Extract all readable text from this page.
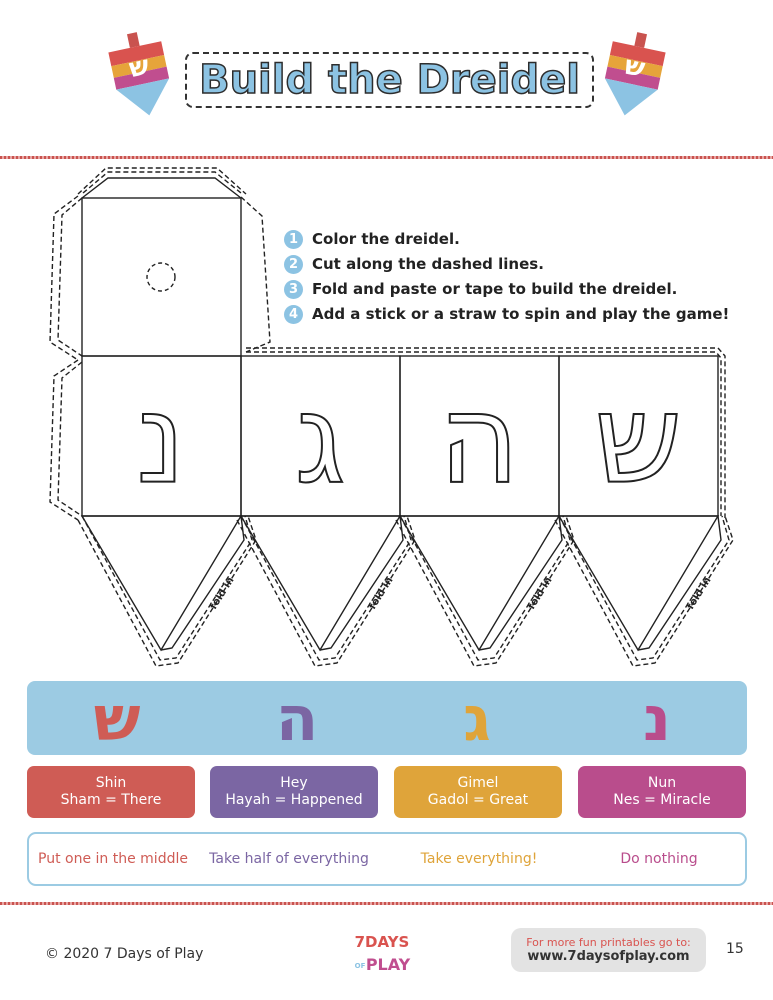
ש	ש
Build the Dreidel
נ ג ה ש
fold in	fold in	fold in	fold in
1 Color the dreidel.
2 Cut along the dashed lines.
3 Fold and paste or tape to build the dreidel.
4 Add a stick or a straw to spin and play the game!
ש	ה	ג	נ
Shin
Sham = There
Hey
Hayah = Happened
Gimel
Gadol = Great
Nun
Nes = Miracle
Put one in the middle	Take half of everything	Take everything!	Do nothing
© 2020 7 Days of Play
7DAYS
OF PLAY
For more fun printables go to:
www.7daysofplay.com	15
